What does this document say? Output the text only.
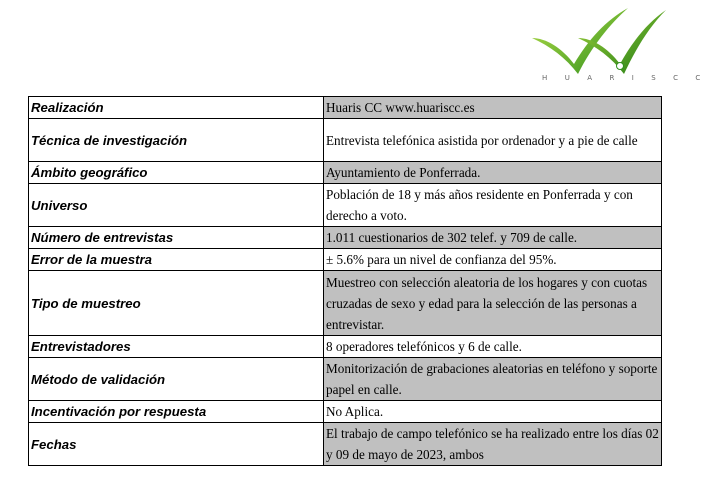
H U A R I S C C
Realización	Huaris CC www.huariscc.es
Técnica de investigación	Entrevista telefónica asistida por ordenador y a pie de calle
Ámbito geográfico	Ayuntamiento de Ponferrada.
Universo	Población de 18 y más años residente en Ponferrada y con derecho a voto.
Número de entrevistas	1.011 cuestionarios de 302 telef. y 709 de calle.
Error de la muestra	± 5.6% para un nivel de confianza del 95%.
Tipo de muestreo	Muestreo con selección aleatoria de los hogares y con cuotas cruzadas de sexo y edad para la selección de las personas a entrevistar.
Entrevistadores	8 operadores telefónicos y 6 de calle.
Método de validación	Monitorización de grabaciones aleatorias en teléfono y soporte papel en calle.
Incentivación por respuesta	No Aplica.
Fechas	El trabajo de campo telefónico se ha realizado entre los días 02 y 09 de mayo de 2023, ambos
